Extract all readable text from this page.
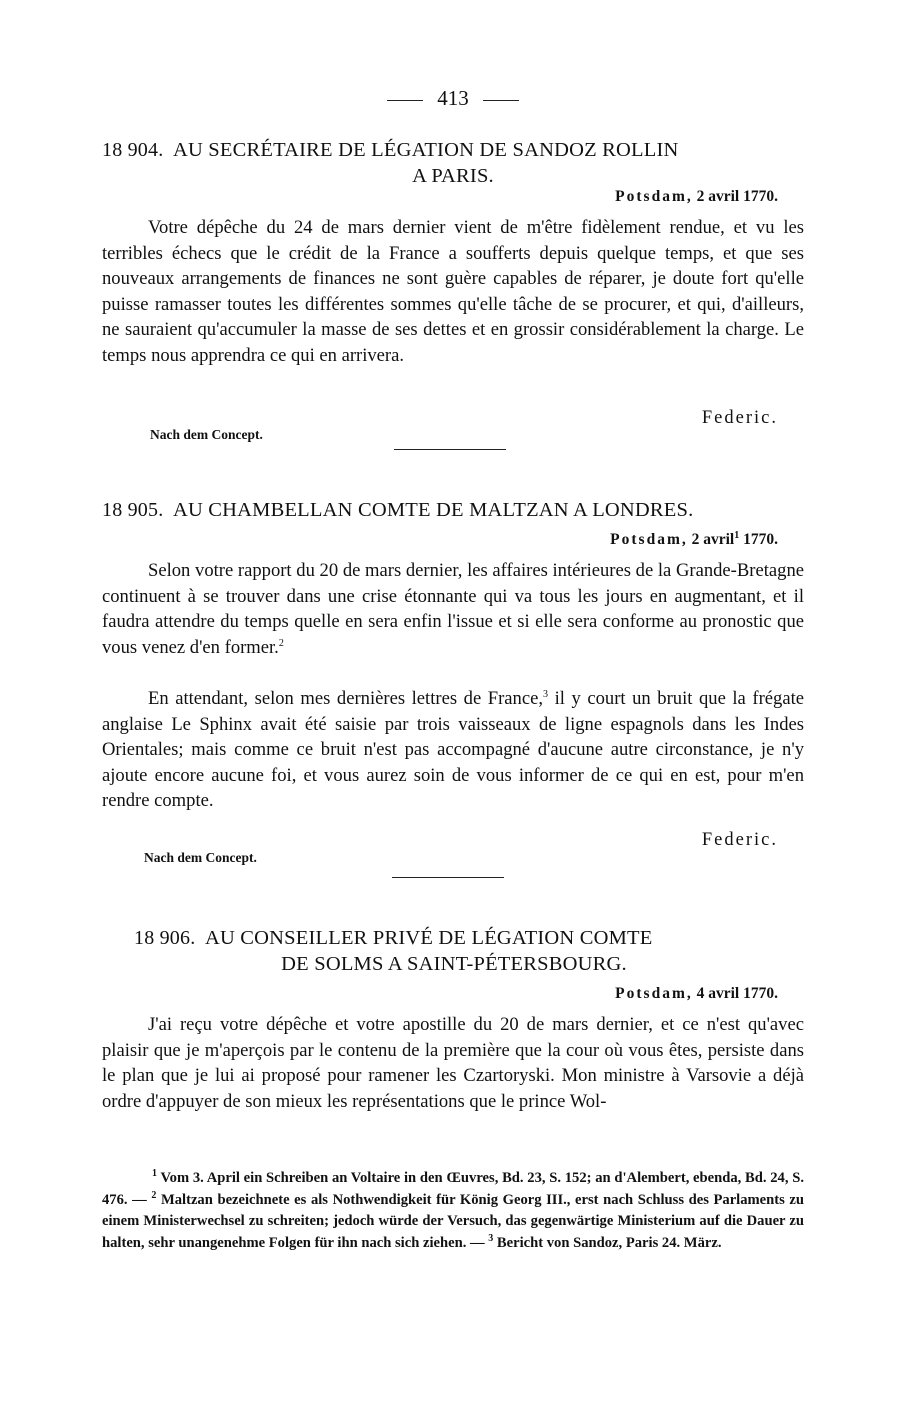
413
18 904. AU SECRÉTAIRE DE LÉGATION DE SANDOZ ROLLIN
A PARIS.
Potsdam, 2 avril 1770.

Votre dépêche du 24 de mars dernier vient de m'être fidèlement rendue, et vu les terribles échecs que le crédit de la France a soufferts depuis quelque temps, et que ses nouveaux arrangements de finances ne sont guère capables de réparer, je doute fort qu'elle puisse ramasser toutes les différentes sommes qu'elle tâche de se procurer, et qui, d'ailleurs, ne sauraient qu'accumuler la masse de ses dettes et en grossir considérablement la charge. Le temps nous apprendra ce qui en arrivera.

Federic.
Nach dem Concept.
18 905. AU CHAMBELLAN COMTE DE MALTZAN A LONDRES.
Potsdam, 2 avril$^1$ 1770.

Selon votre rapport du 20 de mars dernier, les affaires intérieures de la Grande-Bretagne continuent à se trouver dans une crise étonnante qui va tous les jours en augmentant, et il faudra attendre du temps quelle en sera enfin l'issue et si elle sera conforme au pronostic que vous venez d'en former.$^2$

En attendant, selon mes dernières lettres de France,$^3$ il y court un bruit que la frégate anglaise Le Sphinx avait été saisie par trois vaisseaux de ligne espagnols dans les Indes Orientales; mais comme ce bruit n'est pas accompagné d'aucune autre circonstance, je n'y ajoute encore aucune foi, et vous aurez soin de vous informer de ce qui en est, pour m'en rendre compte.

Federic.
Nach dem Concept.
18 906. AU CONSEILLER PRIVÉ DE LÉGATION COMTE
DE SOLMS A SAINT-PÉTERSBOURG.
Potsdam, 4 avril 1770.

J'ai reçu votre dépêche et votre apostille du 20 de mars dernier, et ce n'est qu'avec plaisir que je m'aperçois par le contenu de la première que la cour où vous êtes, persiste dans le plan que je lui ai proposé pour ramener les Czartoryski. Mon ministre à Varsovie a déjà ordre d'appuyer de son mieux les représentations que le prince Wol-

$^1$ Vom 3. April ein Schreiben an Voltaire in den Œuvres, Bd. 23, S. 152; an d'Alembert, ebenda, Bd. 24, S. 476. — $^2$ Maltzan bezeichnete es als Nothwendigkeit für König Georg III., erst nach Schluss des Parlaments zu einem Ministerwechsel zu schreiten; jedoch würde der Versuch, das gegenwärtige Ministerium auf die Dauer zu halten, sehr unangenehme Folgen für ihn nach sich ziehen. — $^3$ Bericht von Sandoz, Paris 24. März.
